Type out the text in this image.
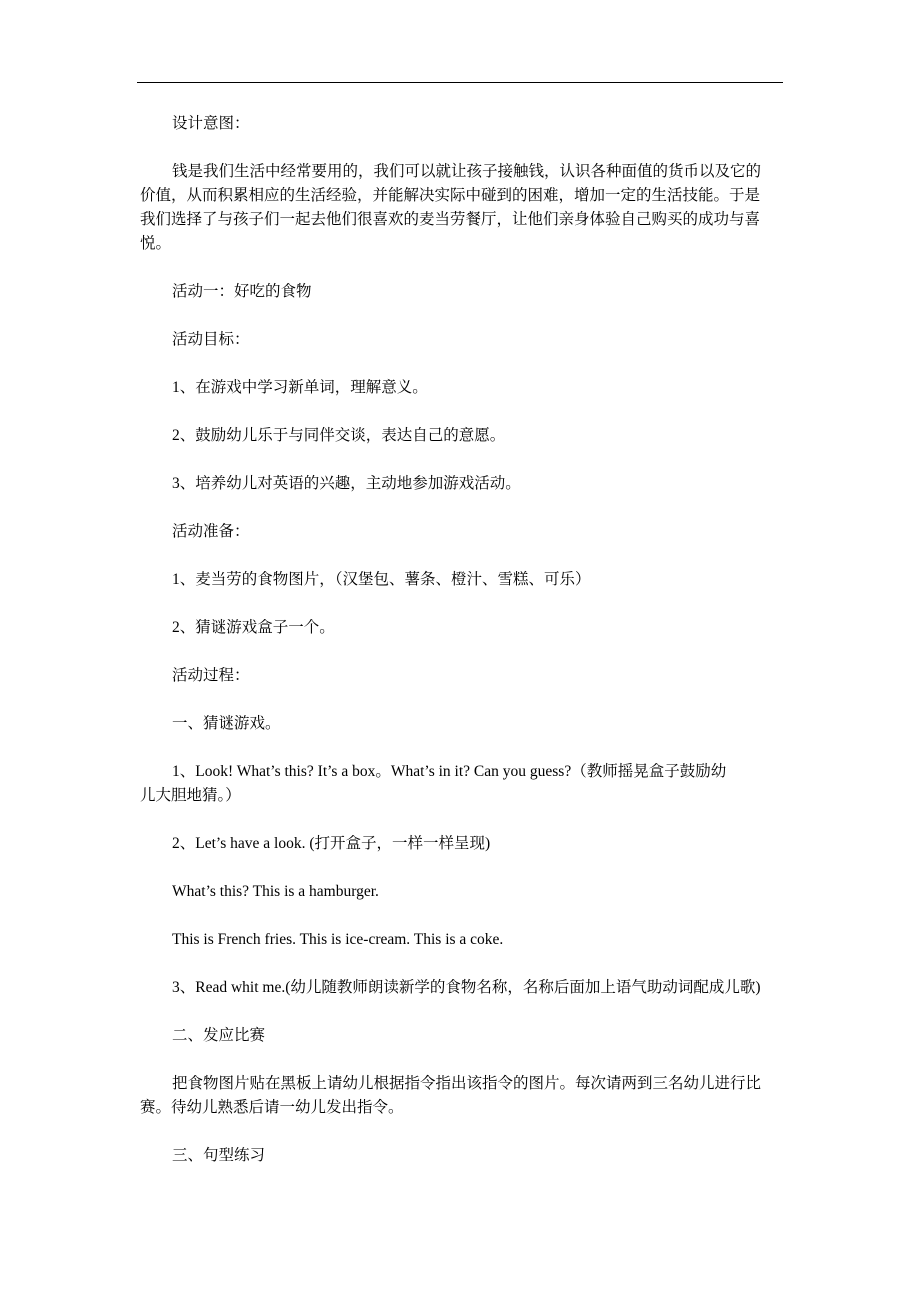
设计意图：
钱是我们生活中经常要用的，我们可以就让孩子接触钱，认识各种面值的货币以及它的
价值，从而积累相应的生活经验，并能解决实际中碰到的困难，增加一定的生活技能。于是
我们选择了与孩子们一起去他们很喜欢的麦当劳餐厅，让他们亲身体验自己购买的成功与喜
悦。
活动一：好吃的食物
活动目标：
1、在游戏中学习新单词，理解意义。
2、鼓励幼儿乐于与同伴交谈，表达自己的意愿。
3、培养幼儿对英语的兴趣，主动地参加游戏活动。
活动准备：
1、麦当劳的食物图片，（汉堡包、薯条、橙汁、雪糕、可乐）
2、猜谜游戏盒子一个。
活动过程：
一、猜谜游戏。
1、Look! What’s this? It’s a box。What’s in it? Can you guess?（教师摇晃盒子鼓励幼
儿大胆地猜。）
2、Let’s have a look. (打开盒子，一样一样呈现)
What’s this? This is a hamburger.
This is French fries. This is ice-cream. This is a coke.
3、Read whit me.(幼儿随教师朗读新学的食物名称，名称后面加上语气助动词配成儿歌)
二、发应比赛
把食物图片贴在黑板上请幼儿根据指令指出该指令的图片。每次请两到三名幼儿进行比
赛。待幼儿熟悉后请一幼儿发出指令。
三、句型练习
